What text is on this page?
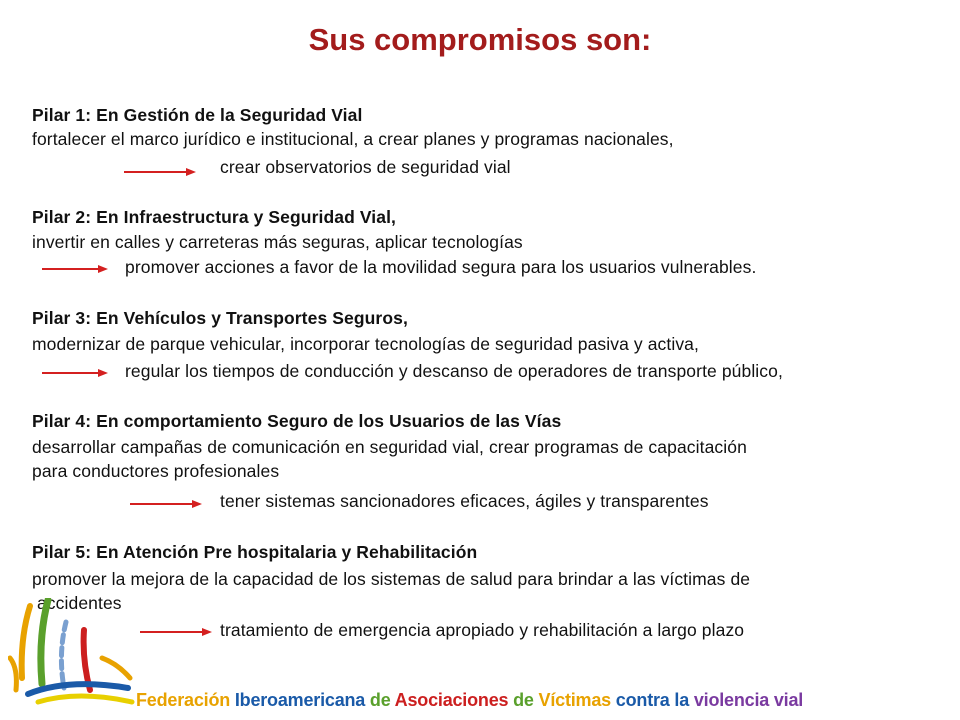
Sus compromisos son:

Pilar 1: En Gestión de la Seguridad Vial

fortalecer el marco jurídico e institucional, a crear planes y programas nacionales,

crear observatorios de seguridad vial

Pilar 2: En Infraestructura y Seguridad Vial,

invertir en calles y carreteras más seguras, aplicar tecnologías

promover acciones a favor de la movilidad segura para los usuarios vulnerables.

Pilar 3: En Vehículos y Transportes Seguros,

modernizar de parque vehicular, incorporar tecnologías de seguridad pasiva y activa,

regular los tiempos de conducción y descanso de operadores de transporte público,

Pilar 4: En comportamiento Seguro de los Usuarios de las Vías

desarrollar campañas de comunicación en seguridad vial, crear programas de capacitación

para conductores profesionales

tener sistemas sancionadores eficaces, ágiles y transparentes

Pilar 5: En Atención Pre hospitalaria y Rehabilitación

promover la mejora de la capacidad de los sistemas de salud para brindar a las víctimas de

accidentes

tratamiento de emergencia apropiado y rehabilitación a largo plazo

Federación Iberoamericana de Asociaciones de Víctimas contra la violencia vial
